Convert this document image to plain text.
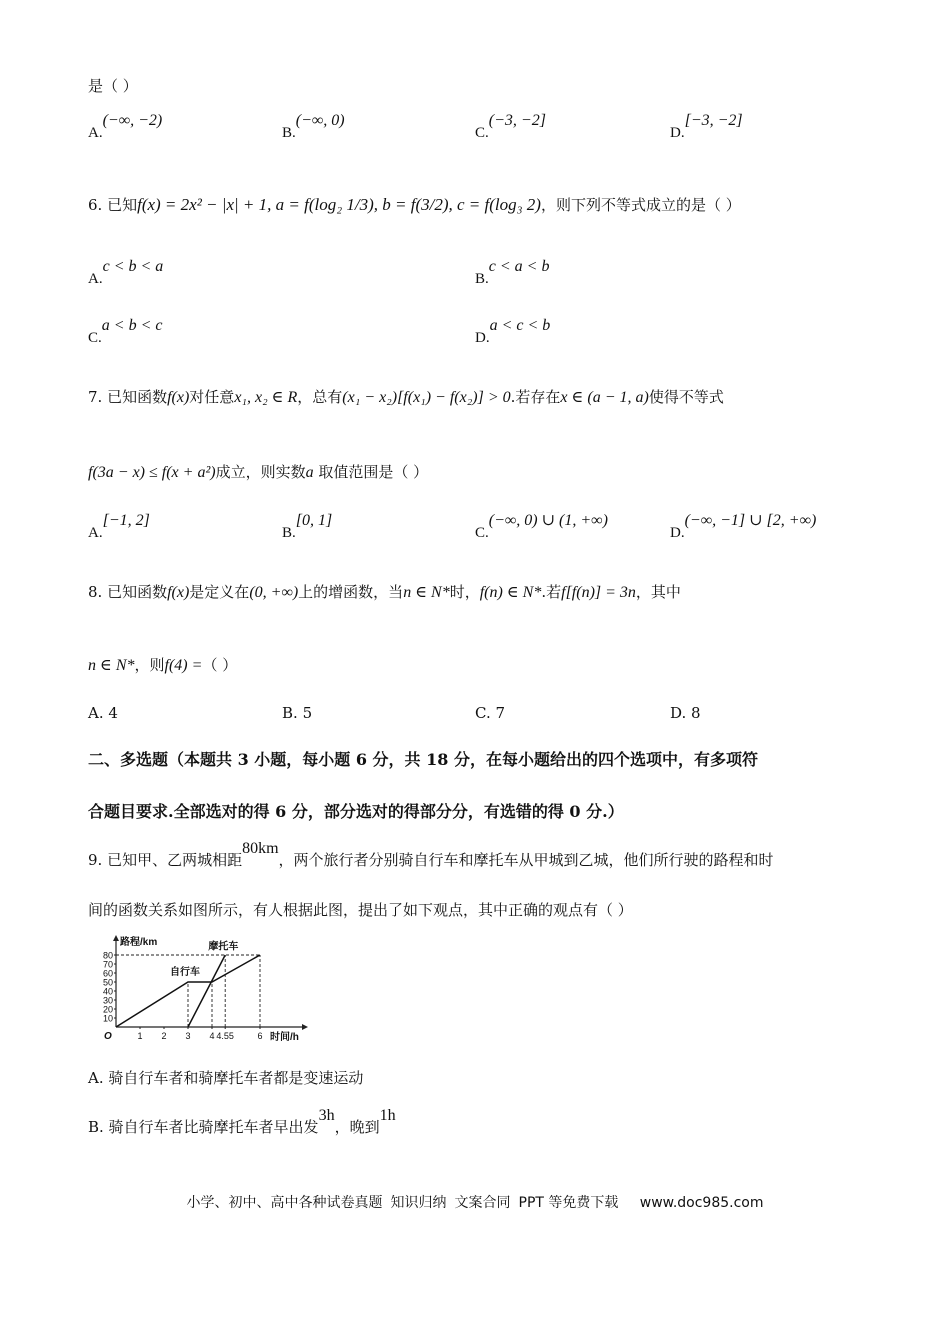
是（ ）
A.(−∞, −2)
B.(−∞, 0)
C.(−3, −2]
D.[−3, −2]
6. 已知f(x) = 2x² − |x| + 1, a = f(log₂ 1/3), b = f(3/2), c = f(log₃ 2)，则下列不等式成立的是（ ）
A.c < b < a
B.c < a < b
C.a < b < c
D.a < c < b
7. 已知函数f(x)对任意x₁, x₂ ∈ R，总有(x₁ − x₂)[f(x₁) − f(x₂)] > 0.若存在x ∈ (a − 1, a)使得不等式
f(3a − x) ≤ f(x + a²)成立，则实数a 取值范围是（ ）
A.[−1, 2]
B.[0, 1]
C.(−∞, 0) ∪ (1, +∞)
D.(−∞, −1] ∪ [2, +∞)
8. 已知函数f(x)是定义在(0, +∞)上的增函数，当n ∈ N*时，f(n) ∈ N*.若f[f(n)] = 3n，其中
n ∈ N*，则f(4) =（ ）
A. 4	B. 5	C. 7	D. 8
二、多选题（本题共 3 小题，每小题 6 分，共 18 分，在每小题给出的四个选项中，有多项符
合题目要求.全部选对的得 6 分，部分选对的得部分分，有选错的得 0 分.）
9. 已知甲、乙两城相距80km，两个旅行者分别骑自行车和摩托车从甲城到乙城，他们所行驶的路程和时
间的函数关系如图所示，有人根据此图，提出了如下观点，其中正确的观点有（ ）
路程/km
时间/h
O
10
20
30
40
50
60
70
80
1 2 3 4 4.55	6
自行车
摩托车
A. 骑自行车者和骑摩托车者都是变速运动
B. 骑自行车者比骑摩托车者早出发3h，晚到1h
小学、初中、高中各种试卷真题 知识归纳 文案合同 PPT 等免费下载 www.doc985.com
